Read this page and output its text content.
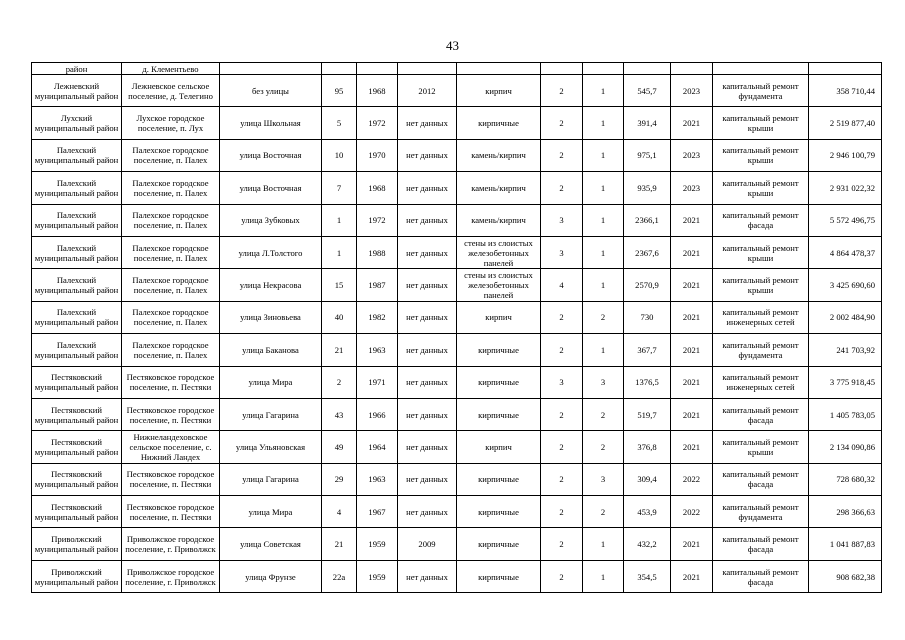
43
район	д. Клементьево											
Лежневский муниципальный район	Лежневское сельское поселение, д. Телегино	без улицы	95	1968	2012	кирпич	2	1	545,7	2023	капитальный ремонт фундамента	358 710,44
Лухский муниципальный район	Лухское городское поселение, п. Лух	улица Школьная	5	1972	нет данных	кирпичные	2	1	391,4	2021	капитальный ремонт крыши	2 519 877,40
Палехский муниципальный район	Палехское городское поселение, п. Палех	улица Восточная	10	1970	нет данных	камень/кирпич	2	1	975,1	2023	капитальный ремонт крыши	2 946 100,79
Палехский муниципальный район	Палехское городское поселение, п. Палех	улица Восточная	7	1968	нет данных	камень/кирпич	2	1	935,9	2023	капитальный ремонт крыши	2 931 022,32
Палехский муниципальный район	Палехское городское поселение, п. Палех	улица Зубковых	1	1972	нет данных	камень/кирпич	3	1	2366,1	2021	капитальный ремонт фасада	5 572 496,75
Палехский муниципальный район	Палехское городское поселение, п. Палех	улица Л.Толстого	1	1988	нет данных	стены из слоистых железобетонных панелей	3	1	2367,6	2021	капитальный ремонт крыши	4 864 478,37
Палехский муниципальный район	Палехское городское поселение, п. Палех	улица Некрасова	15	1987	нет данных	стены из слоистых железобетонных панелей	4	1	2570,9	2021	капитальный ремонт крыши	3 425 690,60
Палехский муниципальный район	Палехское городское поселение, п. Палех	улица Зиновьева	40	1982	нет данных	кирпич	2	2	730	2021	капитальный ремонт инженерных сетей	2 002 484,90
Палехский муниципальный район	Палехское городское поселение, п. Палех	улица Баканова	21	1963	нет данных	кирпичные	2	1	367,7	2021	капитальный ремонт фундамента	241 703,92
Пестяковский муниципальный район	Пестяковское городское поселение, п. Пестяки	улица Мира	2	1971	нет данных	кирпичные	3	3	1376,5	2021	капитальный ремонт инженерных сетей	3 775 918,45
Пестяковский муниципальный район	Пестяковское городское поселение, п. Пестяки	улица Гагарина	43	1966	нет данных	кирпичные	2	2	519,7	2021	капитальный ремонт фасада	1 405 783,05
Пестяковский муниципальный район	Нижнеландеховское сельское поселение, с. Нижний Ландех	улица Ульяновская	49	1964	нет данных	кирпич	2	2	376,8	2021	капитальный ремонт крыши	2 134 090,86
Пестяковский муниципальный район	Пестяковское городское поселение, п. Пестяки	улица Гагарина	29	1963	нет данных	кирпичные	2	3	309,4	2022	капитальный ремонт фасада	728 680,32
Пестяковский муниципальный район	Пестяковское городское поселение, п. Пестяки	улица Мира	4	1967	нет данных	кирпичные	2	2	453,9	2022	капитальный ремонт фундамента	298 366,63
Приволжский муниципальный район	Приволжское городское поселение, г. Приволжск	улица Советская	21	1959	2009	кирпичные	2	1	432,2	2021	капитальный ремонт фасада	1 041 887,83
Приволжский муниципальный район	Приволжское городское поселение, г. Приволжск	улица Фрунзе	22а	1959	нет данных	кирпичные	2	1	354,5	2021	капитальный ремонт фасада	908 682,38
